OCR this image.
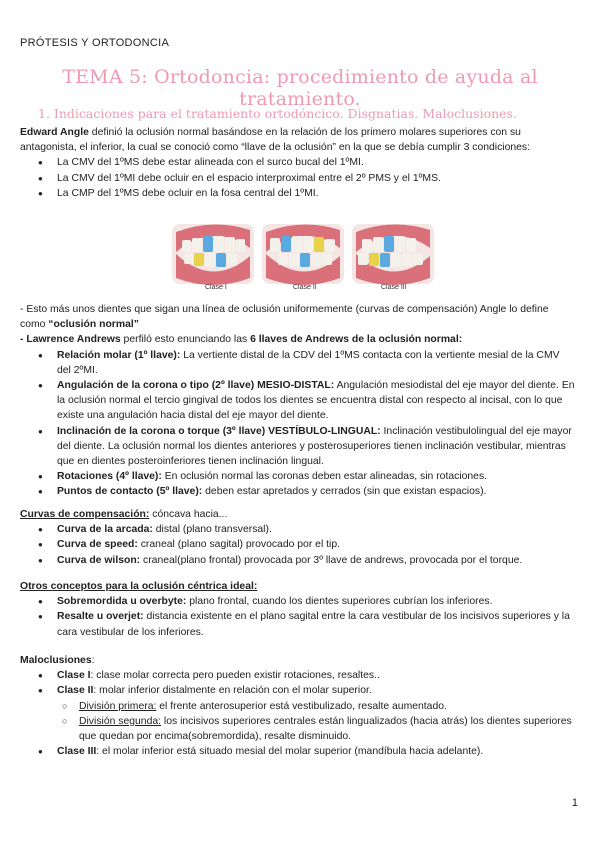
PRÓTESIS Y ORTODONCIA
TEMA 5: Ortodoncia: procedimiento de ayuda al tratamiento.
1. Indicaciones para el tratamiento ortodóncico. Disgnatias. Maloclusiones.
Edward Angle definió la oclusión normal basándose en la relación de los primero molares superiores con su antagonista, el inferior, la cual se conoció como “llave de la oclusión” en la que se debía cumplir 3 condiciones:
● La CMV del 1ºMS debe estar alineada con el surco bucal del 1ºMI.
● La CMV del 1ºMI debe ocluir en el espacio interproximal entre el 2º PMS y el 1ºMS.
● La CMP del 1ºMS debe ocluir en la fosa central del 1ºMI.
Clase I	Clase II	Clase III
- Esto más unos dientes que sigan una línea de oclusión uniformemente (curvas de compensación) Angle lo define como “oclusión normal”
- Lawrence Andrews perfiló esto enunciando las 6 llaves de Andrews de la oclusión normal:
● Relación molar (1º llave): La vertiente distal de la CDV del 1ºMS contacta con la vertiente mesial de la CMV del 2ºMI.
● Angulación de la corona o tipo (2º llave) MESIO-DISTAL: Angulación mesiodistal del eje mayor del diente. En la oclusión normal el tercio gingival de todos los dientes se encuentra distal con respecto al incisal, con lo que existe una angulación hacia distal del eje mayor del diente.
● Inclinación de la corona o torque (3º llave) VESTÍBULO-LINGUAL: Inclinación vestibulolingual del eje mayor del diente. La oclusión normal los dientes anteriores y posterosuperiores tienen inclinación vestibular, mientras que en dientes posteroinferiores tienen inclinación lingual.
● Rotaciones (4º llave): En oclusión normal las coronas deben estar alineadas, sin rotaciones.
● Puntos de contacto (5º llave): deben estar apretados y cerrados (sin que existan espacios).
Curvas de compensación: cóncava hacia...
● Curva de la arcada: distal (plano transversal).
● Curva de speed: craneal (plano sagital) provocado por el tip.
● Curva de wilson: craneal(plano frontal) provocada por 3º llave de andrews, provocada por el torque.
Otros conceptos para la oclusión céntrica ideal:
● Sobremordida u overbyte: plano frontal, cuando los dientes superiores cubrían los inferiores.
● Resalte u overjet: distancia existente en el plano sagital entre la cara vestibular de los incisivos superiores y la cara vestibular de los inferiores.
Maloclusiones:
● Clase I: clase molar correcta pero pueden existir rotaciones, resaltes..
● Clase II: molar inferior distalmente en relación con el molar superior.
○ División primera: el frente anterosuperior está vestibulizado, resalte aumentado.
○ División segunda: los incisivos superiores centrales están lingualizados (hacia atrás) los dientes superiores que quedan por encima(sobremordida), resalte disminuido.
● Clase III: el molar inferior está situado mesial del molar superior (mandíbula hacia adelante).
1
